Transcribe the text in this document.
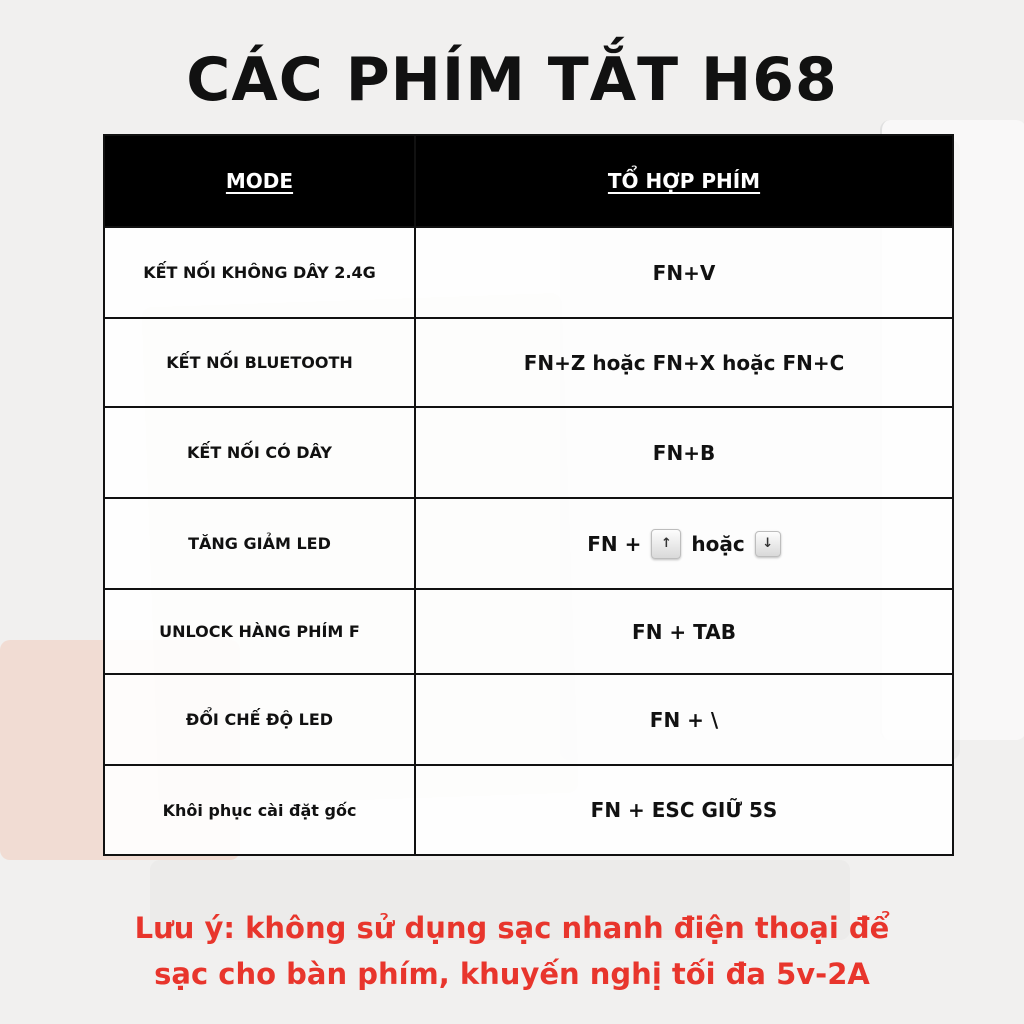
CÁC PHÍM TẮT H68
MODE	TỔ HỢP PHÍM
KẾT NỐI KHÔNG DÂY 2.4G	FN+V
KẾT NỐI BLUETOOTH	FN+Z hoặc FN+X hoặc FN+C
KẾT NỐI CÓ DÂY	FN+B
TĂNG GIẢM LED	FN + ↑ hoặc ↓

UNLOCK HÀNG PHÍM F	FN + TAB
ĐỔI CHẾ ĐỘ LED	FN + \
Khôi phục cài đặt gốc	FN + ESC GIỮ 5S
Lưu ý: không sử dụng sạc nhanh điện thoại để
sạc cho bàn phím, khuyến nghị tối đa 5v-2A
